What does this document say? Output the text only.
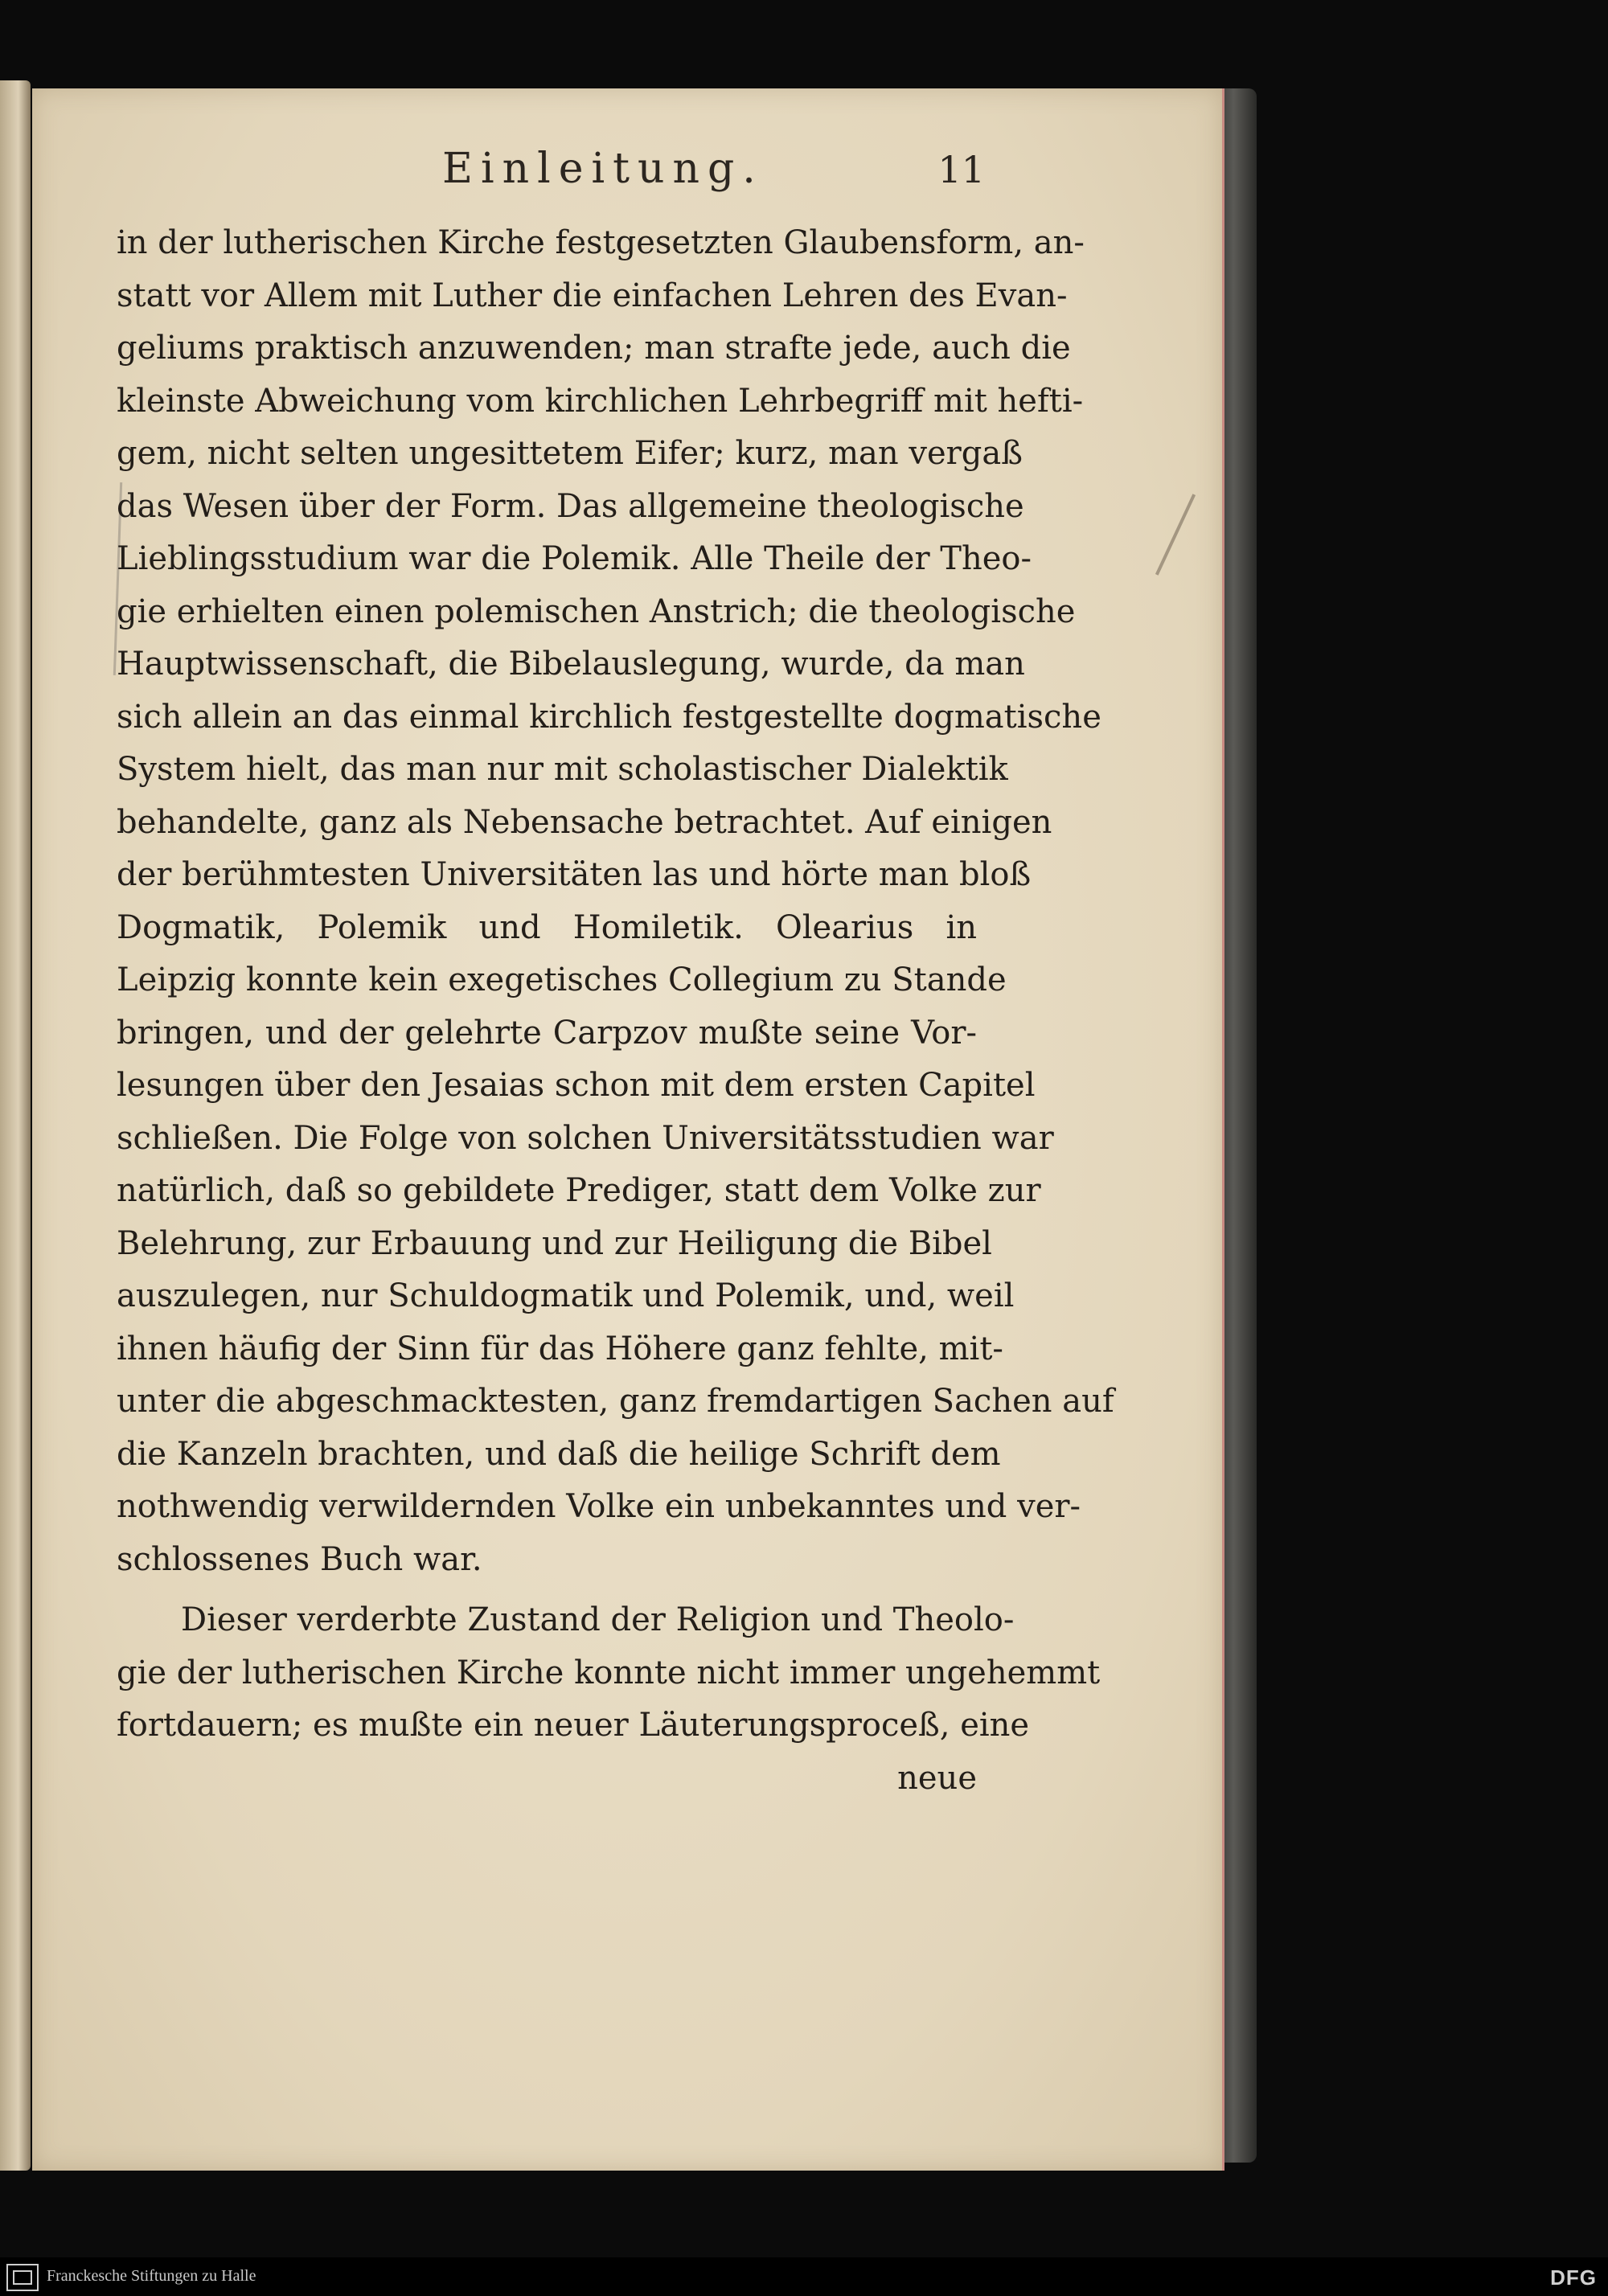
Einleitung.	11
in der lutherischen Kirche festgesetzten Glaubensform, an-
statt vor Allem mit Luther die einfachen Lehren des Evan-
geliums praktisch anzuwenden; man strafte jede, auch die
kleinste Abweichung vom kirchlichen Lehrbegriff mit hefti-
gem, nicht selten ungesittetem Eifer; kurz, man vergaß
das Wesen über der Form. Das allgemeine theologische
Lieblingsstudium war die Polemik. Alle Theile der Theo-
gie erhielten einen polemischen Anstrich; die theologische
Hauptwissenschaft, die Bibelauslegung, wurde, da man
sich allein an das einmal kirchlich festgestellte dogmatische
System hielt, das man nur mit scholastischer Dialektik
behandelte, ganz als Nebensache betrachtet. Auf einigen
der berühmtesten Universitäten las und hörte man bloß
Dogmatik, Polemik und Homiletik. Olearius in
Leipzig konnte kein exegetisches Collegium zu Stande
bringen, und der gelehrte Carpzov mußte seine Vor-
lesungen über den Jesaias schon mit dem ersten Capitel
schließen. Die Folge von solchen Universitätsstudien war
natürlich, daß so gebildete Prediger, statt dem Volke zur
Belehrung, zur Erbauung und zur Heiligung die Bibel
auszulegen, nur Schuldogmatik und Polemik, und, weil
ihnen häufig der Sinn für das Höhere ganz fehlte, mit-
unter die abgeschmacktesten, ganz fremdartigen Sachen auf
die Kanzeln brachten, und daß die heilige Schrift dem
nothwendig verwildernden Volke ein unbekanntes und ver-
schlossenes Buch war.
Dieser verderbte Zustand der Religion und Theolo-
gie der lutherischen Kirche konnte nicht immer ungehemmt
fortdauern; es mußte ein neuer Läuterungsproceß, eine
neue
Franckesche Stiftungen zu Halle	DFG
